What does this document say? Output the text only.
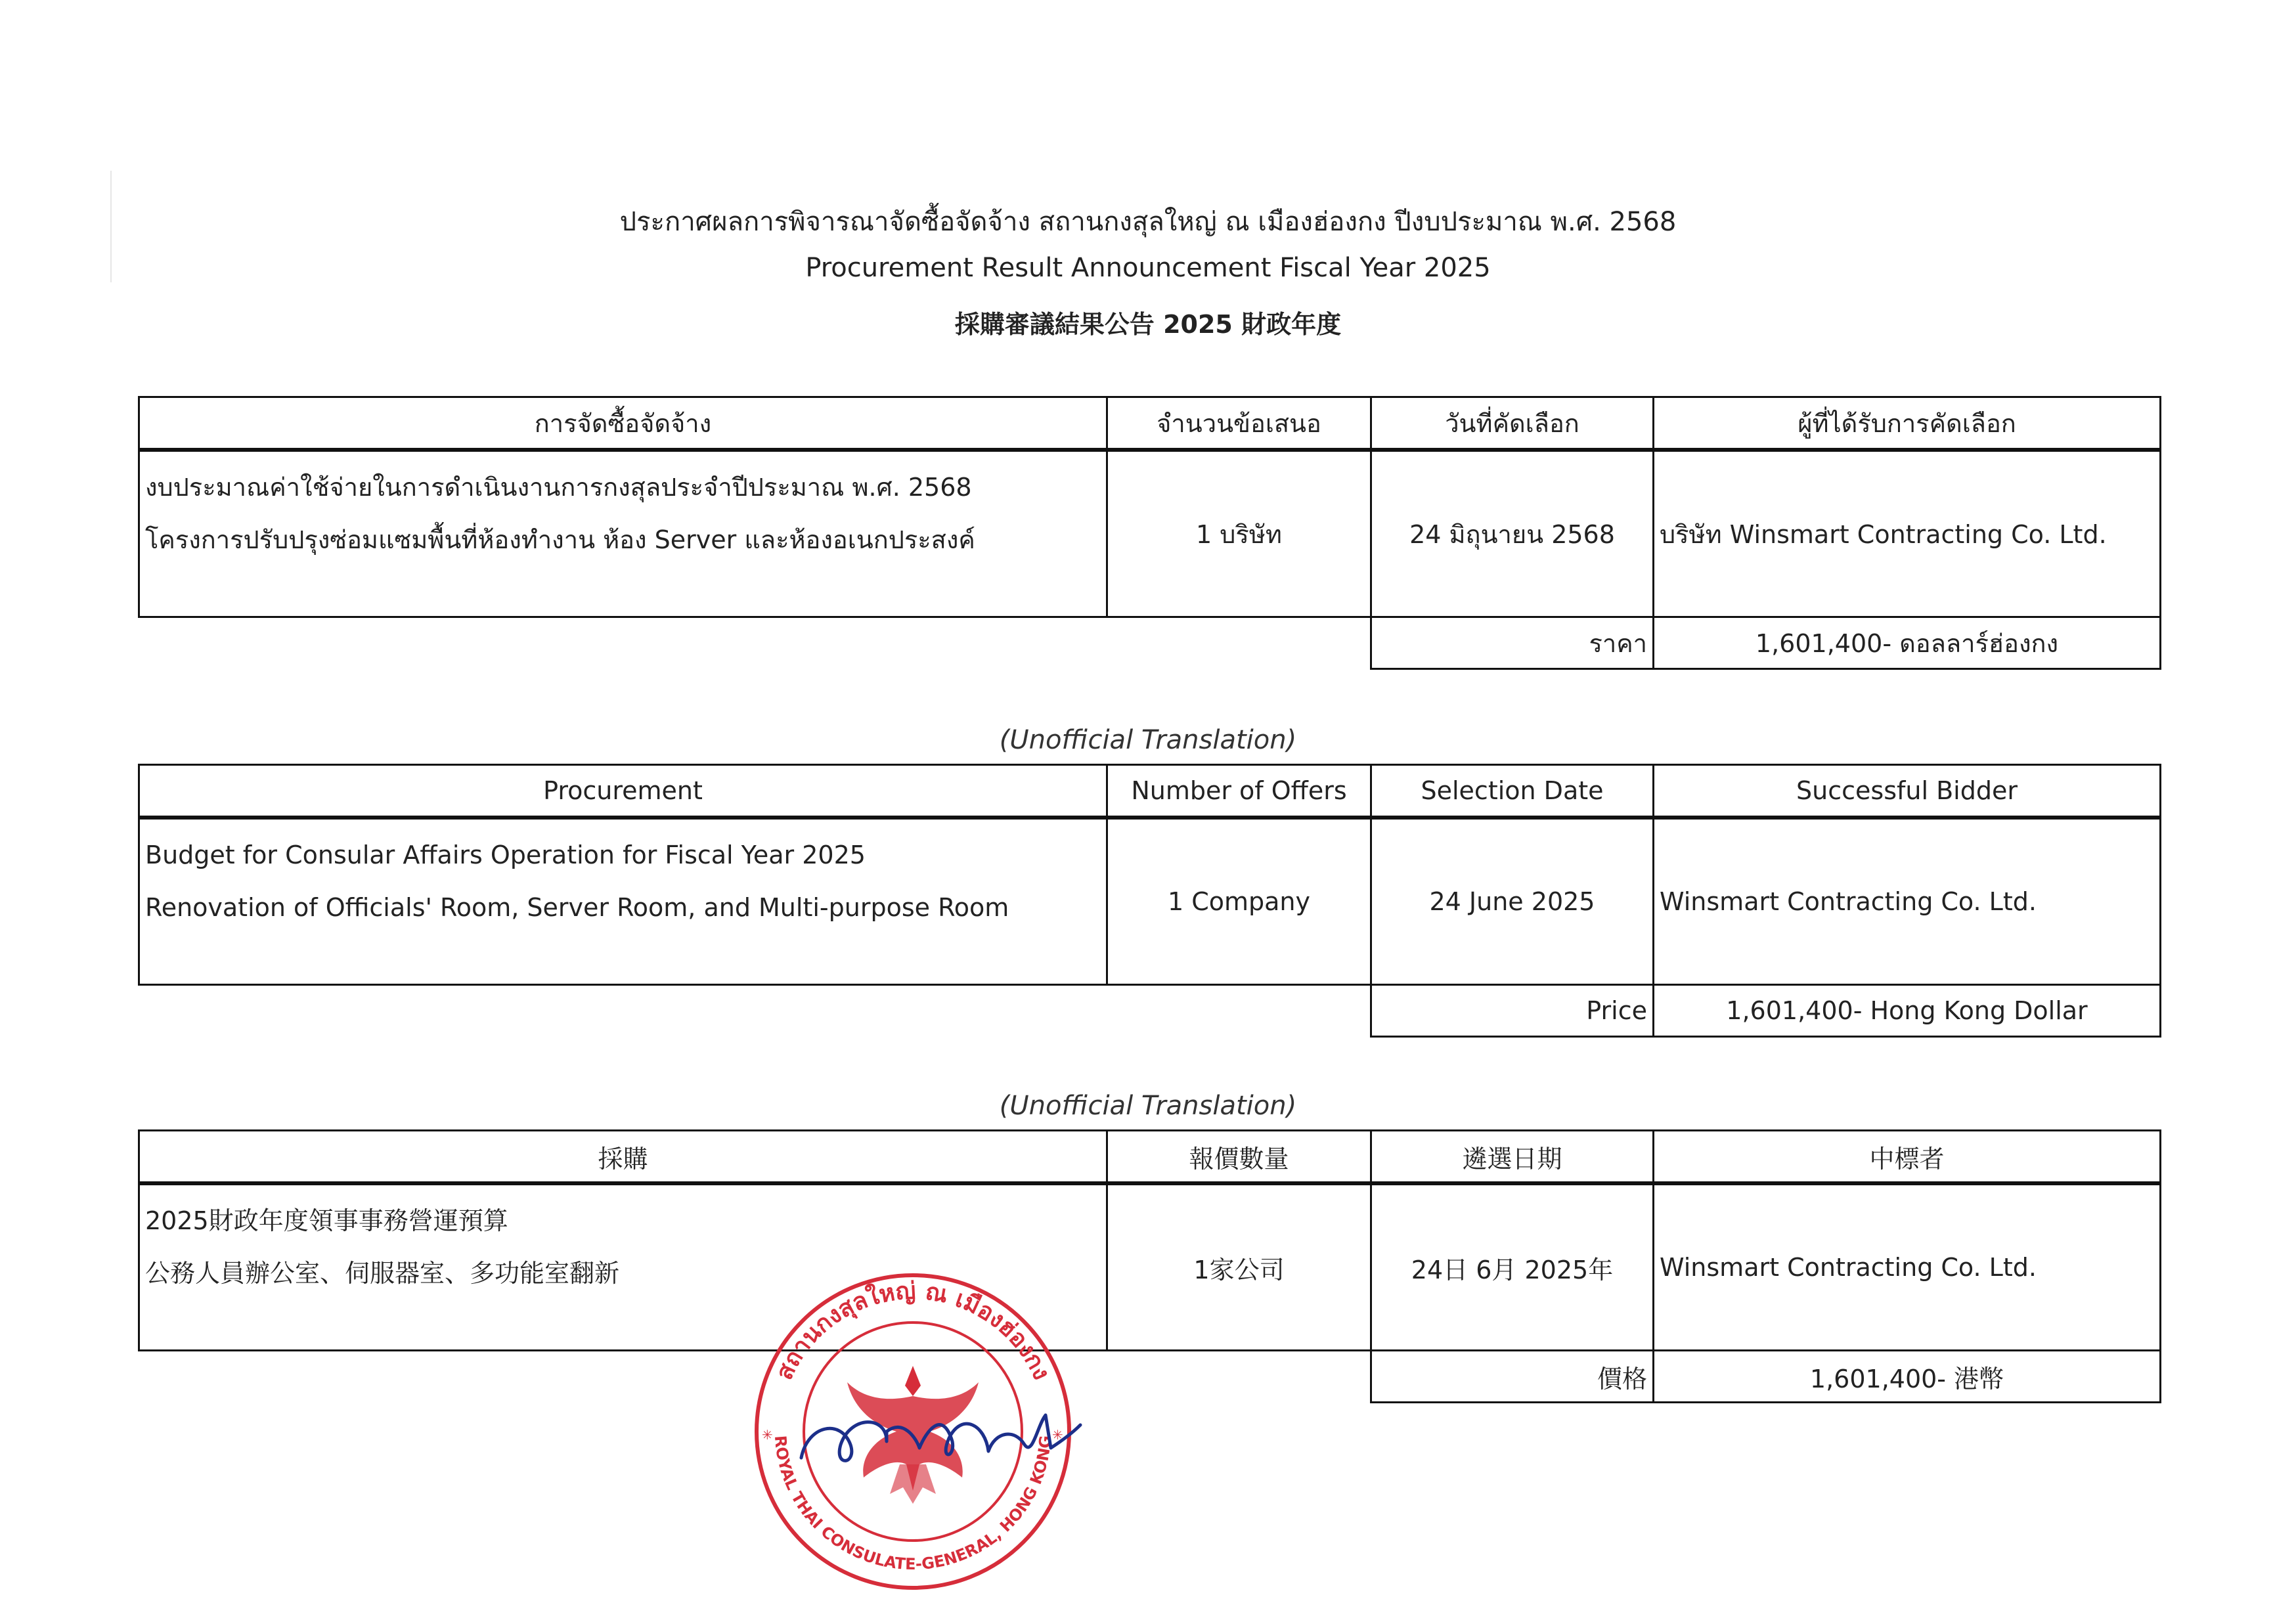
ประกาศผลการพิจารณาจัดซื้อจัดจ้าง สถานกงสุลใหญ่ ณ เมืองฮ่องกง ปีงบประมาณ พ.ศ. 2568
Procurement Result Announcement Fiscal Year 2025
採購審議結果公告 2025 財政年度
การจัดซื้อจัดจ้าง	จำนวนข้อเสนอ	วันที่คัดเลือก	ผู้ที่ได้รับการคัดเลือก

งบประมาณค่าใช้จ่ายในการดำเนินงานการกงสุลประจำปีประมาณ พ.ศ. 2568
โครงการปรับปรุงซ่อมแซมพื้นที่ห้องทำงาน ห้อง Server และห้องอเนกประสงค์	1 บริษัท	24 มิถุนายน 2568	บริษัท Winsmart Contracting Co. Ltd.
		ราคา	1,601,400- ดอลลาร์ฮ่องกง
(Unofficial Translation)
Procurement	Number of Offers	Selection Date	Successful Bidder

Budget for Consular Affairs Operation for Fiscal Year 2025
Renovation of Officials' Room, Server Room, and Multi-purpose Room	1 Company	24 June 2025	Winsmart Contracting Co. Ltd.
		Price	1,601,400- Hong Kong Dollar
(Unofficial Translation)
採購	報價數量	遴選日期	中標者

2025財政年度領事事務營運預算
公務人員辦公室、伺服器室、多功能室翻新	1家公司	24日 6月 2025年	Winsmart Contracting Co. Ltd.
		價格	1,601,400- 港幣
✳	✳
สถานกงสุลใหญ่ ณ เมืองฮ่องกง
ROYAL THAI CONSULATE-GENERAL, HONG KONG
